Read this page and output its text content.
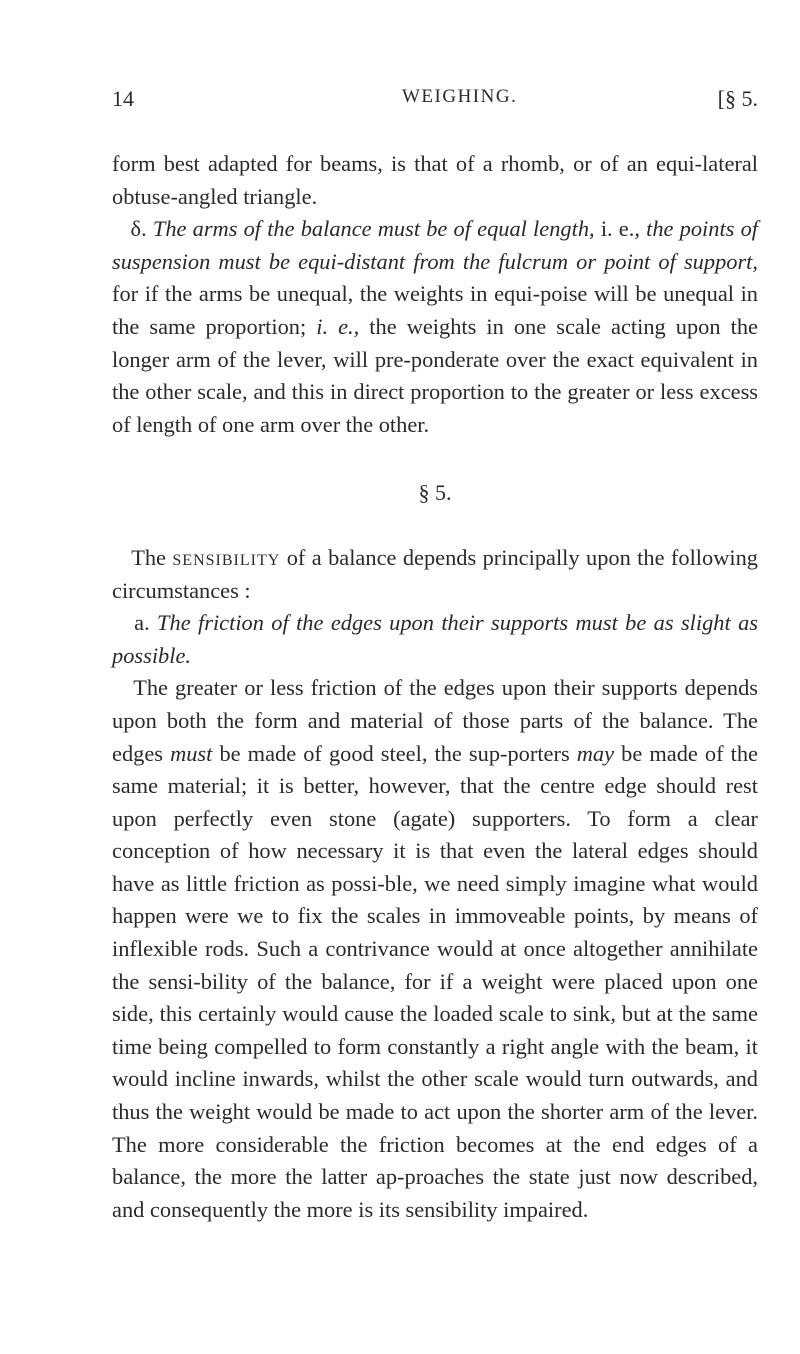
14	WEIGHING.	[§ 5.

form best adapted for beams, is that of a rhomb, or of an equi-lateral obtuse-angled triangle.

δ. The arms of the balance must be of equal length, i. e., the points of suspension must be equi-distant from the fulcrum or point of support, for if the arms be unequal, the weights in equi-poise will be unequal in the same proportion; i. e., the weights in one scale acting upon the longer arm of the lever, will pre-ponderate over the exact equivalent in the other scale, and this in direct proportion to the greater or less excess of length of one arm over the other.

§ 5.

The sensibility of a balance depends principally upon the following circumstances :

a. The friction of the edges upon their supports must be as slight as possible.

The greater or less friction of the edges upon their supports depends upon both the form and material of those parts of the balance. The edges must be made of good steel, the sup-porters may be made of the same material; it is better, however, that the centre edge should rest upon perfectly even stone (agate) supporters. To form a clear conception of how necessary it is that even the lateral edges should have as little friction as possi-ble, we need simply imagine what would happen were we to fix the scales in immoveable points, by means of inflexible rods. Such a contrivance would at once altogether annihilate the sensi-bility of the balance, for if a weight were placed upon one side, this certainly would cause the loaded scale to sink, but at the same time being compelled to form constantly a right angle with the beam, it would incline inwards, whilst the other scale would turn outwards, and thus the weight would be made to act upon the shorter arm of the lever. The more considerable the friction becomes at the end edges of a balance, the more the latter ap-proaches the state just now described, and consequently the more is its sensibility impaired.
